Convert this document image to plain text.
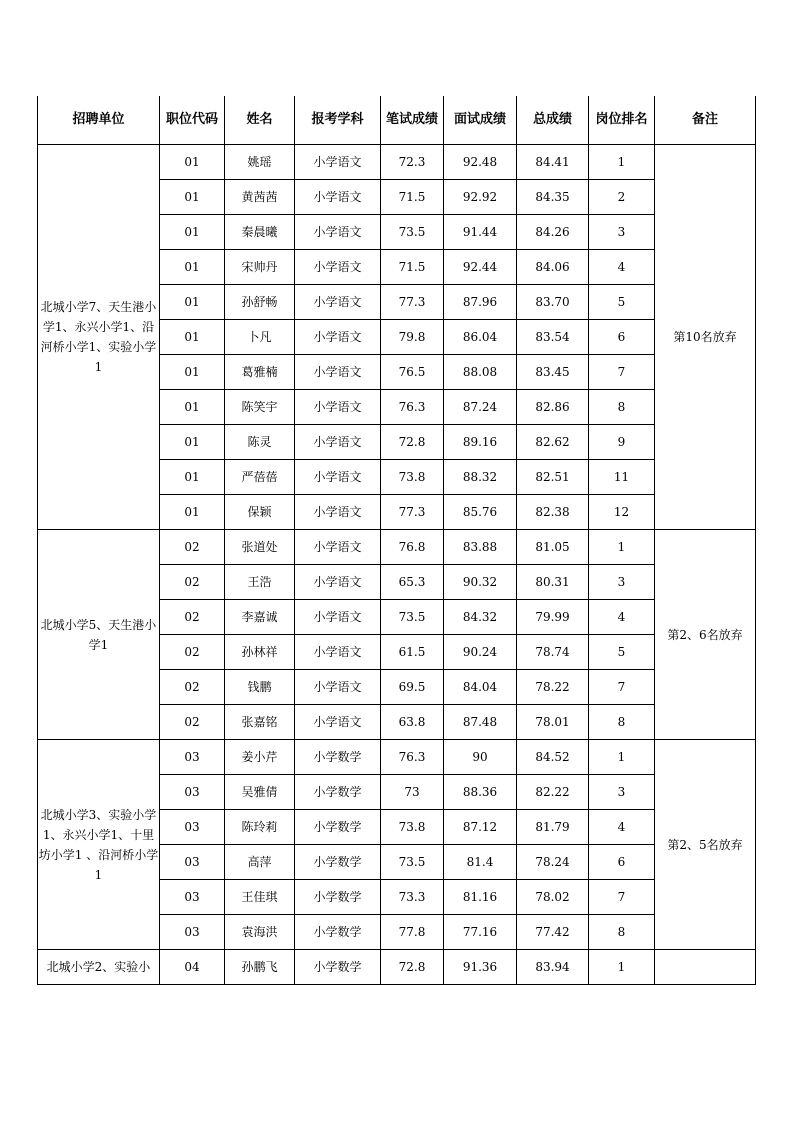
招聘单位	职位代码	姓名	报考学科	笔试成绩	面试成绩	总成绩	岗位排名	备注
北城小学7、天生港小学1、永兴小学1、沿河桥小学1、实验小学1	01	姚瑶	小学语文	72.3	92.48	84.41	1	第10名放弃
	01	黄茜茜	小学语文	71.5	92.92	84.35	2	
	01	秦晨曦	小学语文	73.5	91.44	84.26	3	
	01	宋帅丹	小学语文	71.5	92.44	84.06	4	
	01	孙舒畅	小学语文	77.3	87.96	83.70	5	
	01	卜凡	小学语文	79.8	86.04	83.54	6	
	01	葛雅楠	小学语文	76.5	88.08	83.45	7	
	01	陈笑宇	小学语文	76.3	87.24	82.86	8	
	01	陈灵	小学语文	72.8	89.16	82.62	9	
	01	严蓓蓓	小学语文	73.8	88.32	82.51	11	
	01	保颖	小学语文	77.3	85.76	82.38	12	
北城小学5、天生港小学1	02	张道处	小学语文	76.8	83.88	81.05	1	第2、6名放弃
	02	王浩	小学语文	65.3	90.32	80.31	3	
	02	李嘉诚	小学语文	73.5	84.32	79.99	4	
	02	孙林祥	小学语文	61.5	90.24	78.74	5	
	02	钱鹏	小学语文	69.5	84.04	78.22	7	
	02	张嘉铭	小学语文	63.8	87.48	78.01	8	
北城小学3、实验小学1、永兴小学1、十里坊小学1 、沿河桥小学1	03	姜小芹	小学数学	76.3	90	84.52	1	第2、5名放弃
	03	吴雅倩	小学数学	73	88.36	82.22	3	
	03	陈玲莉	小学数学	73.8	87.12	81.79	4	
	03	高萍	小学数学	73.5	81.4	78.24	6	
	03	王佳琪	小学数学	73.3	81.16	78.02	7	
	03	袁海洪	小学数学	77.8	77.16	77.42	8	
北城小学2、实验小	04	孙鹏飞	小学数学	72.8	91.36	83.94	1	
